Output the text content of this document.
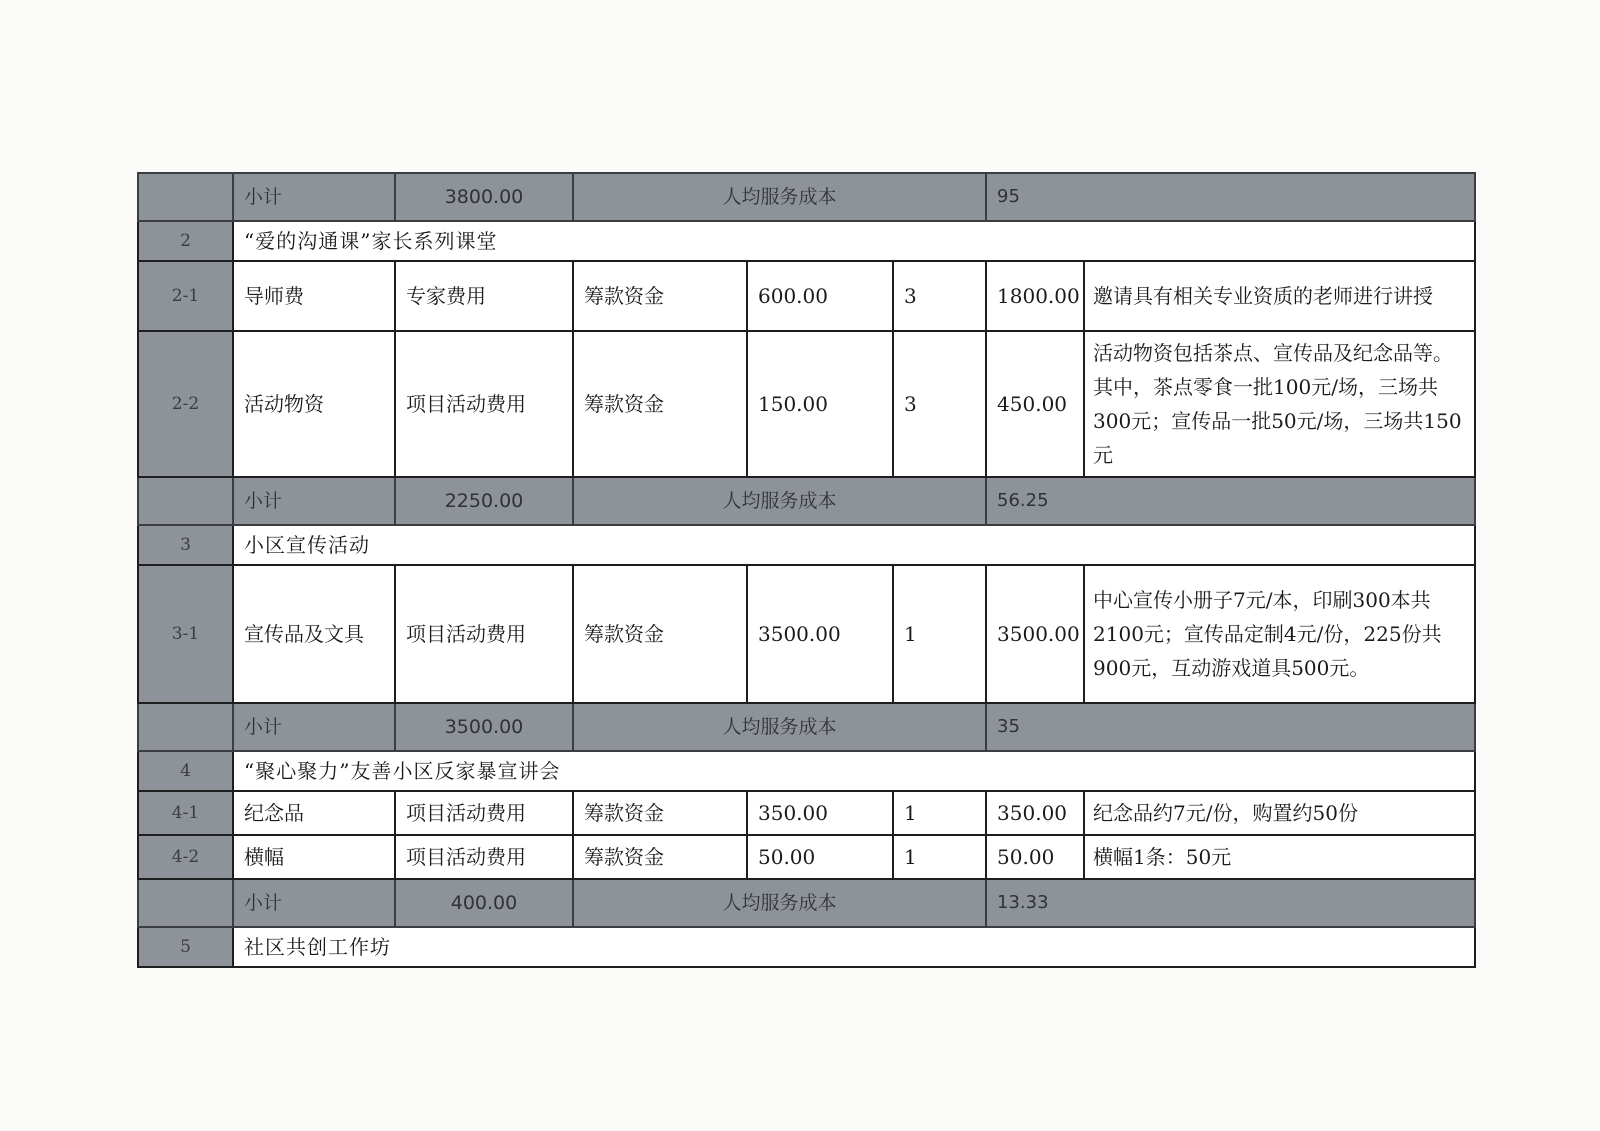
	小计	3800.00	人均服务成本			95	
2	“爱的沟通课”家长系列课堂						
2-1	导师费	专家费用	筹款资金	600.00	3	1800.00	邀请具有相关专业资质的老师进行讲授
2-2	活动物资	项目活动费用	筹款资金	150.00	3	450.00	活动物资包括茶点、宣传品及纪念品等。其中，茶点零食一批100元/场，三场共300元；宣传品一批50元/场，三场共150元
	小计	2250.00	人均服务成本			56.25	
3	小区宣传活动						
3-1	宣传品及文具	项目活动费用	筹款资金	3500.00	1	3500.00	中心宣传小册子7元/本，印刷300本共2100元；宣传品定制4元/份，225份共900元，互动游戏道具500元。
	小计	3500.00	人均服务成本			35	
4	“聚心聚力”友善小区反家暴宣讲会						
4-1	纪念品	项目活动费用	筹款资金	350.00	1	350.00	纪念品约7元/份，购置约50份
4-2	横幅	项目活动费用	筹款资金	50.00	1	50.00	横幅1条：50元
	小计	400.00	人均服务成本			13.33	
5	社区共创工作坊						
